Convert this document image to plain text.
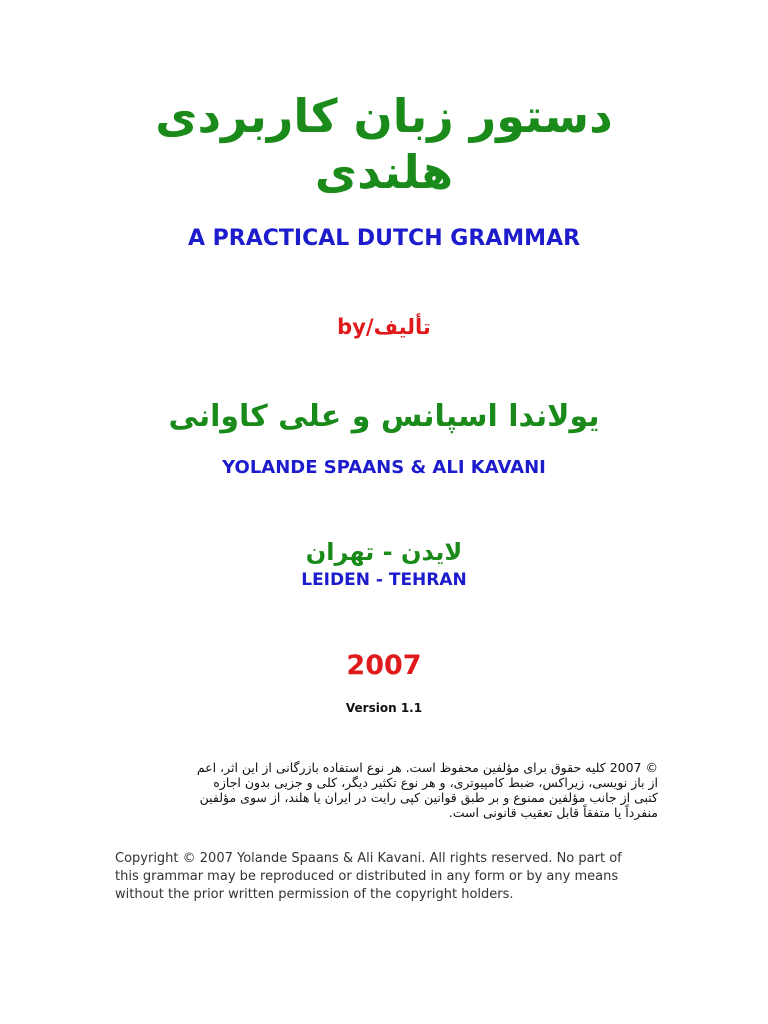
دستور زبان کاربردی
هلندی
A PRACTICAL DUTCH GRAMMAR
by/تألیف
یولاندا اسپانس و علی کاوانی
YOLANDE SPAANS & ALI KAVANI
لایدن - تهران
LEIDEN - TEHRAN
2007
Version 1.1
© 2007 کلیه حقوق برای مؤلفین محفوظ است. هر نوع استفاده بازرگانی از این اثر، اعم
از باز نویسی، زیراکس، ضبط کامپیوتری، و هر نوع تکثیر دیگر، کلی و جزیی بدون اجازه
کتبی از جانب مؤلفین ممنوع و بر طبق قوانین کپی رایت در ایران یا هلند، از سوی مؤلفین
منفرداً یا متفقاً قابل تعقیب قانونی است.
Copyright © 2007 Yolande Spaans & Ali Kavani. All rights reserved. No part of
this grammar may be reproduced or distributed in any form or by any means
without the prior written permission of the copyright holders.
